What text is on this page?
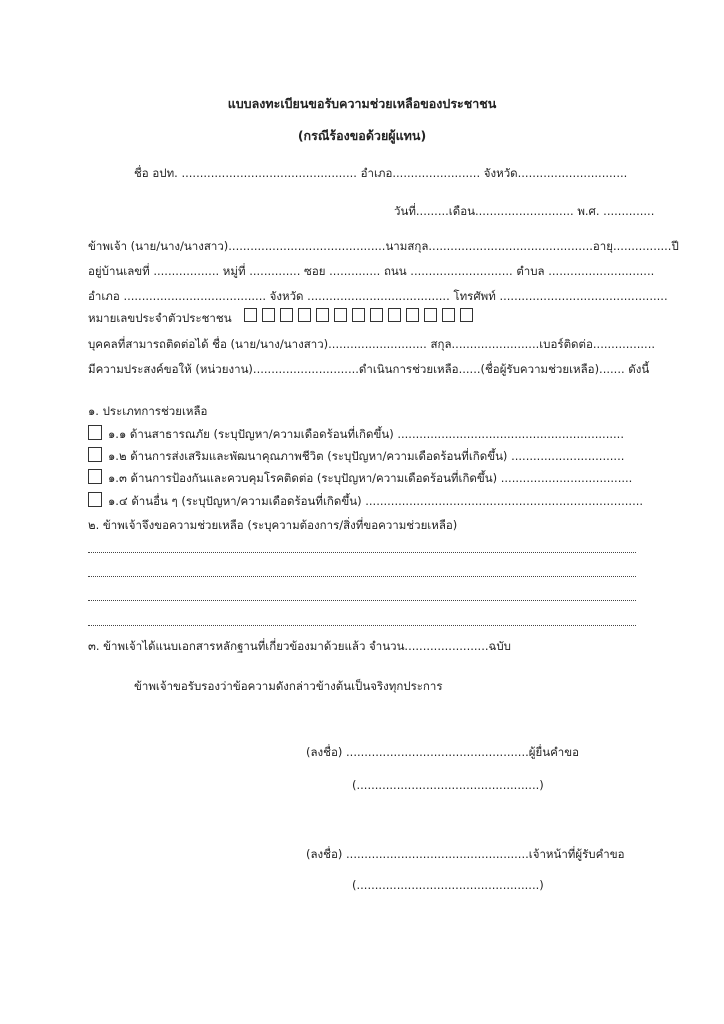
แบบลงทะเบียนขอรับความช่วยเหลือของประชาชน
(กรณีร้องขอด้วยผู้แทน)
ชื่อ อปท. ................................................ อำเภอ........................ จังหวัด..............................
วันที่.........เดือน........................... พ.ศ. ..............
ข้าพเจ้า (นาย/นาง/นางสาว)...........................................นามสกุล.............................................อายุ................ปี
อยู่บ้านเลขที่ .................. หมู่ที่ .............. ซอย .............. ถนน ............................ ตำบล .............................
อำเภอ ....................................... จังหวัด ....................................... โทรศัพท์ ..............................................
หมายเลขประจำตัวประชาชน
บุคคลที่สามารถติดต่อได้ ชื่อ (นาย/นาง/นางสาว)........................... สกุล........................เบอร์ติดต่อ.................
มีความประสงค์ขอให้ (หน่วยงาน).............................ดำเนินการช่วยเหลือ......(ชื่อผู้รับความช่วยเหลือ)....... ดังนี้
๑. ประเภทการช่วยเหลือ
๑.๑ ด้านสาธารณภัย (ระบุปัญหา/ความเดือดร้อนที่เกิดขึ้น) ..............................................................
๑.๒ ด้านการส่งเสริมและพัฒนาคุณภาพชีวิต (ระบุปัญหา/ความเดือดร้อนที่เกิดขึ้น) ...............................
๑.๓ ด้านการป้องกันและควบคุมโรคติดต่อ (ระบุปัญหา/ความเดือดร้อนที่เกิดขึ้น) ....................................
๑.๔ ด้านอื่น ๆ (ระบุปัญหา/ความเดือดร้อนที่เกิดขึ้น) ............................................................................
๒. ข้าพเจ้าจึงขอความช่วยเหลือ (ระบุความต้องการ/สิ่งที่ขอความช่วยเหลือ)
๓. ข้าพเจ้าได้แนบเอกสารหลักฐานที่เกี่ยวข้องมาด้วยแล้ว จำนวน.......................ฉบับ
ข้าพเจ้าขอรับรองว่าข้อความดังกล่าวข้างต้นเป็นจริงทุกประการ
(ลงชื่อ) ..................................................ผู้ยื่นคำขอ
(..................................................)
(ลงชื่อ) ..................................................เจ้าหน้าที่ผู้รับคำขอ
(..................................................)
